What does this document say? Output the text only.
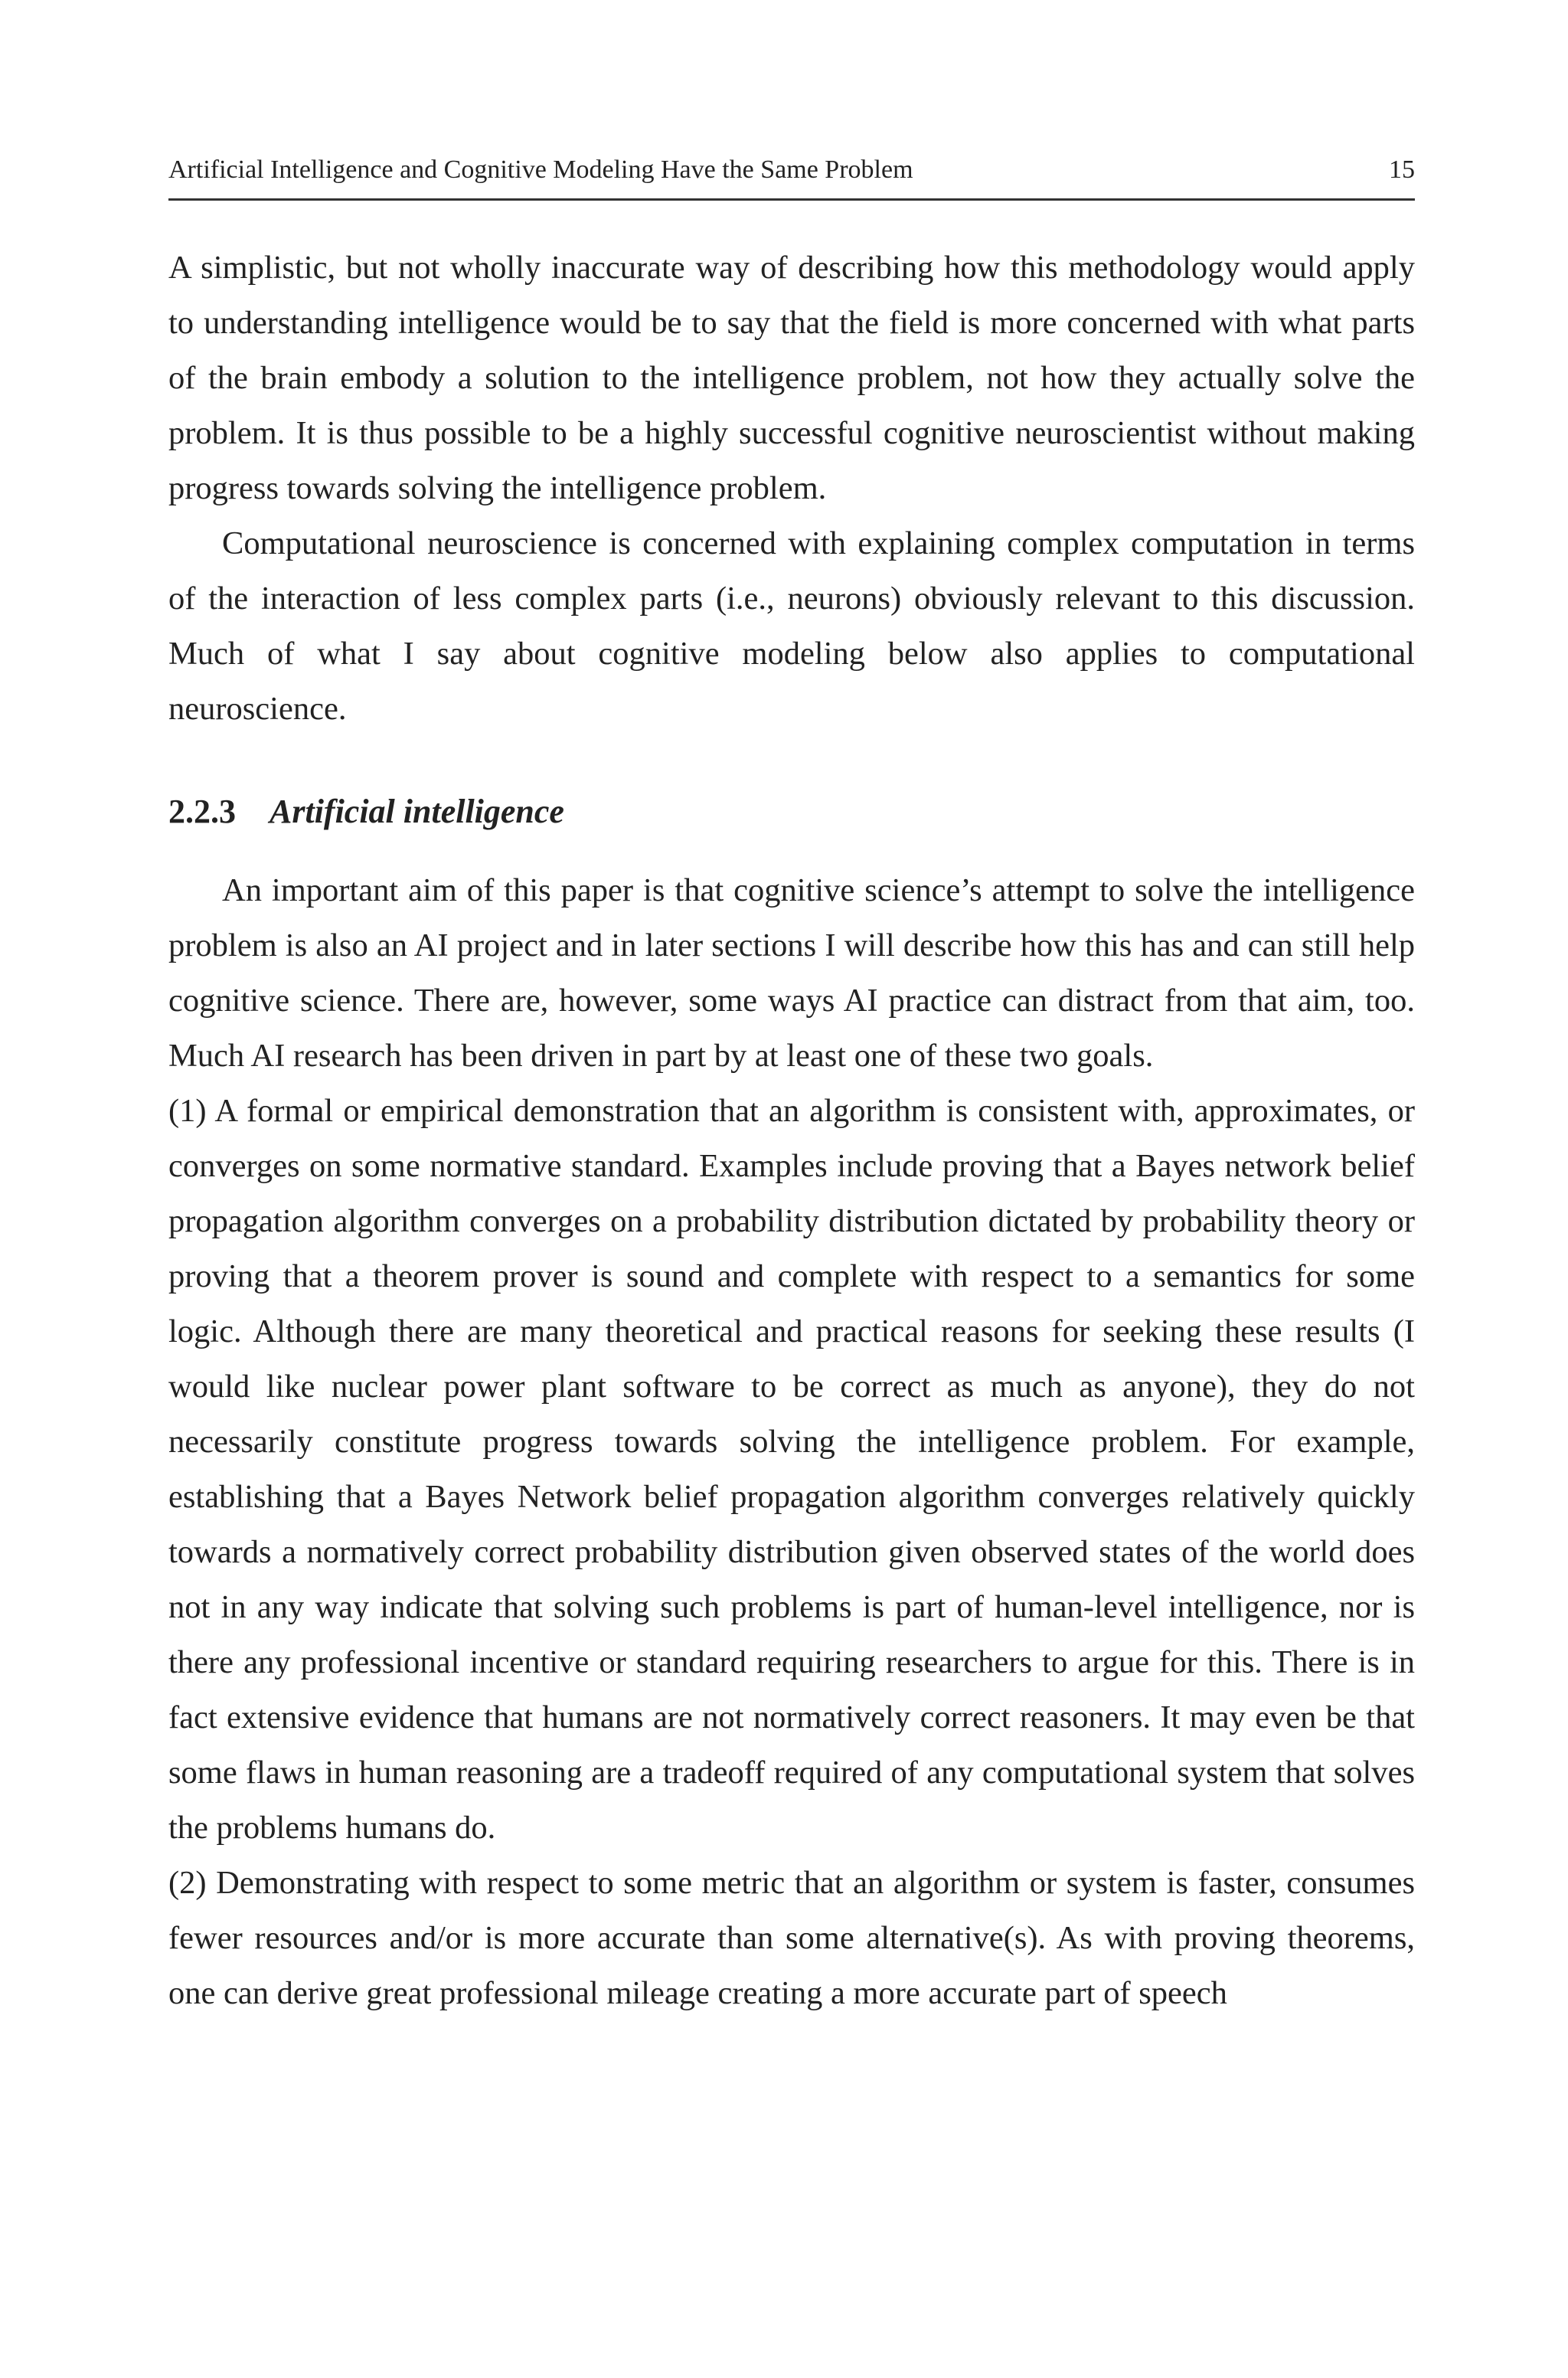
Artificial Intelligence and Cognitive Modeling Have the Same Problem	15

A simplistic, but not wholly inaccurate way of describing how this methodology would apply to understanding intelligence would be to say that the field is more concerned with what parts of the brain embody a solution to the intelligence problem, not how they actually solve the problem. It is thus possible to be a highly successful cognitive neuroscientist without making progress towards solving the intelligence problem.

Computational neuroscience is concerned with explaining complex computation in terms of the interaction of less complex parts (i.e., neurons) obviously relevant to this discussion. Much of what I say about cognitive modeling below also applies to computational neuroscience.

2.2.3 Artificial intelligence

An important aim of this paper is that cognitive science’s attempt to solve the intelligence problem is also an AI project and in later sections I will describe how this has and can still help cognitive science. There are, however, some ways AI practice can distract from that aim, too. Much AI research has been driven in part by at least one of these two goals.

(1) A formal or empirical demonstration that an algorithm is consistent with, approximates, or converges on some normative standard. Examples include proving that a Bayes network belief propagation algorithm converges on a probability distribution dictated by probability theory or proving that a theorem prover is sound and complete with respect to a semantics for some logic. Although there are many theoretical and practical reasons for seeking these results (I would like nuclear power plant software to be correct as much as anyone), they do not necessarily constitute progress towards solving the intelligence problem. For example, establishing that a Bayes Network belief propagation algorithm converges relatively quickly towards a normatively correct probability distribution given observed states of the world does not in any way indicate that solving such problems is part of human-level intelligence, nor is there any professional incentive or standard requiring researchers to argue for this. There is in fact extensive evidence that humans are not normatively correct reasoners. It may even be that some flaws in human reasoning are a tradeoff required of any computational system that solves the problems humans do.

(2) Demonstrating with respect to some metric that an algorithm or system is faster, consumes fewer resources and/or is more accurate than some alternative(s). As with proving theorems, one can derive great professional mileage creating a more accurate part of speech
